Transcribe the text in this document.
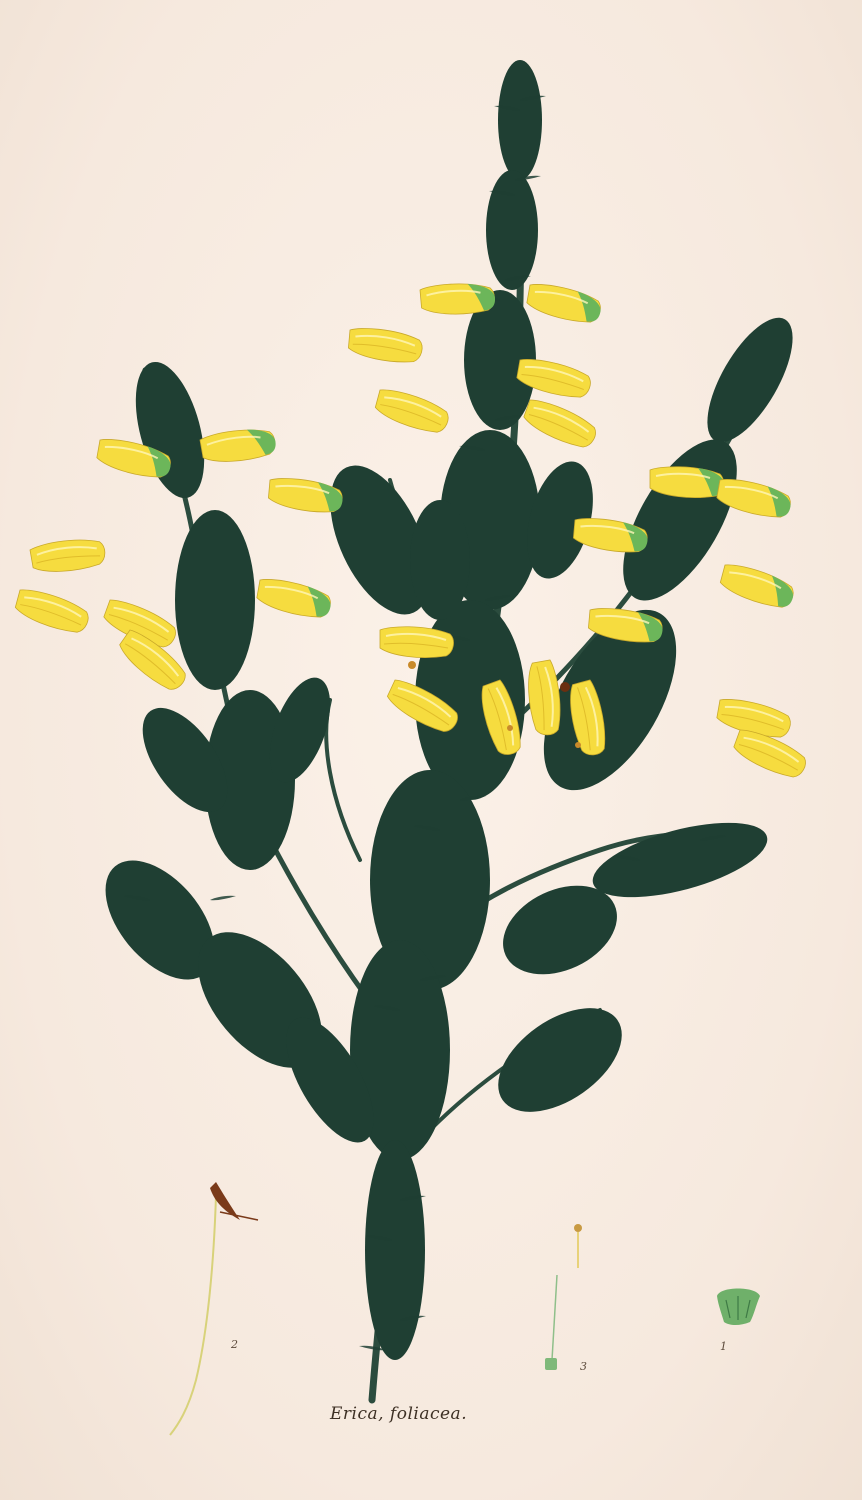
2
3
1
Erica, foliacea.
